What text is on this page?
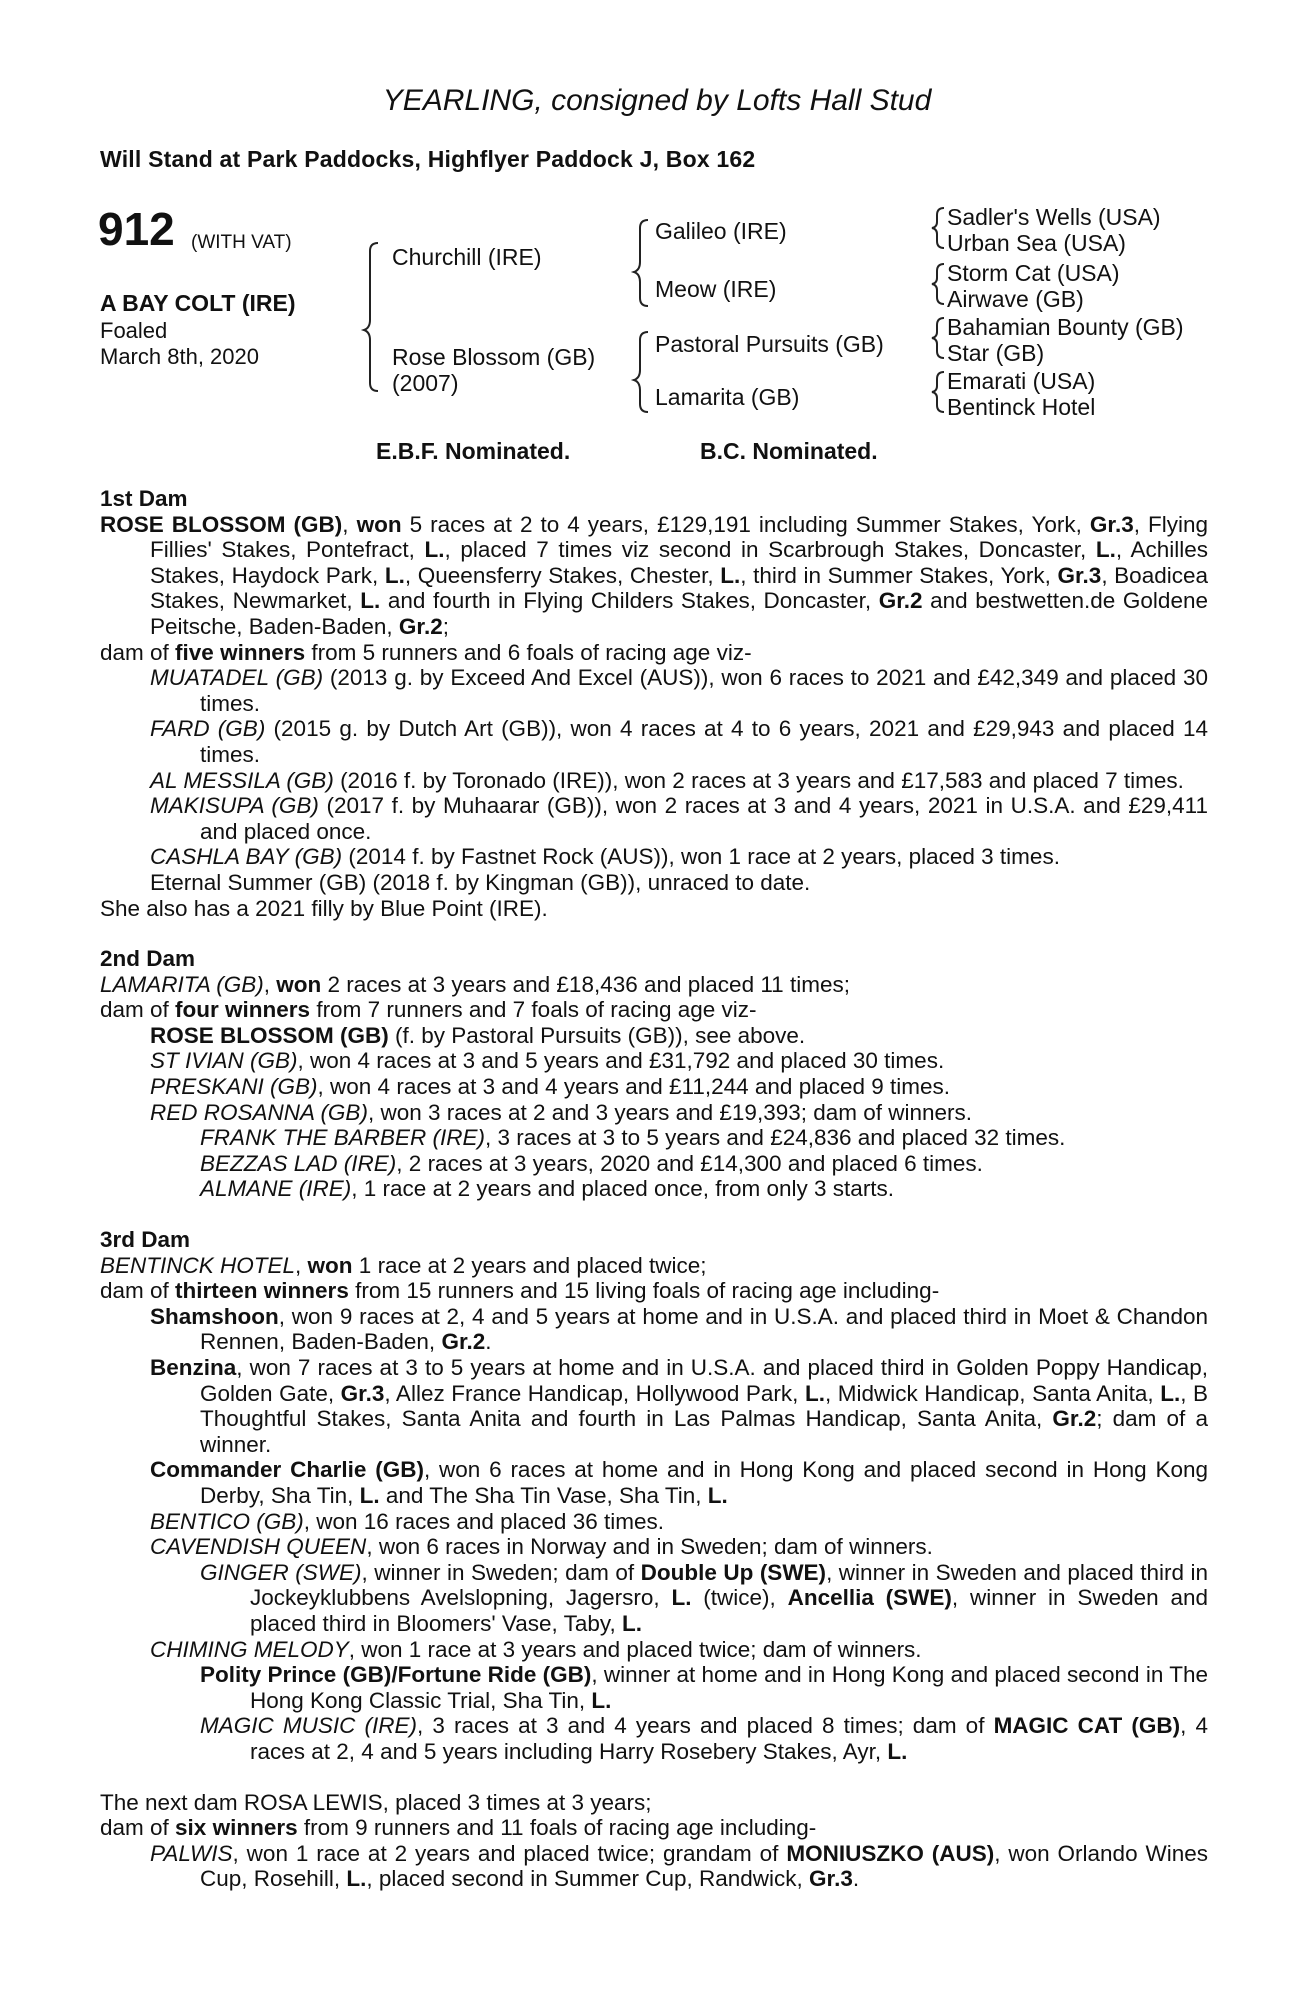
YEARLING, consigned by Lofts Hall Stud
Will Stand at Park Paddocks, Highflyer Paddock J, Box 162
912 (WITH VAT)
A BAY COLT (IRE)
Foaled
March 8th, 2020
Churchill (IRE)
Rose Blossom (GB)
(2007)
Galileo (IRE)
Meow (IRE)
Pastoral Pursuits (GB)
Lamarita (GB)
Sadler's Wells (USA)
Urban Sea (USA)
Storm Cat (USA)
Airwave (GB)
Bahamian Bounty (GB)
Star (GB)
Emarati (USA)
Bentinck Hotel
E.B.F. Nominated.	B.C. Nominated.

1st Dam

ROSE BLOSSOM (GB), won 5 races at 2 to 4 years, £129,191 including Summer Stakes, York, Gr.3, Flying Fillies' Stakes, Pontefract, L., placed 7 times viz second in Scarbrough Stakes, Doncaster, L., Achilles Stakes, Haydock Park, L., Queensferry Stakes, Chester, L., third in Summer Stakes, York, Gr.3, Boadicea Stakes, Newmarket, L. and fourth in Flying Childers Stakes, Doncaster, Gr.2 and bestwetten.de Goldene Peitsche, Baden-Baden, Gr.2;

dam of five winners from 5 runners and 6 foals of racing age viz-

MUATADEL (GB) (2013 g. by Exceed And Excel (AUS)), won 6 races to 2021 and £42,349 and placed 30 times.

FARD (GB) (2015 g. by Dutch Art (GB)), won 4 races at 4 to 6 years, 2021 and £29,943 and placed 14 times.

AL MESSILA (GB) (2016 f. by Toronado (IRE)), won 2 races at 3 years and £17,583 and placed 7 times.

MAKISUPA (GB) (2017 f. by Muhaarar (GB)), won 2 races at 3 and 4 years, 2021 in U.S.A. and £29,411 and placed once.

CASHLA BAY (GB) (2014 f. by Fastnet Rock (AUS)), won 1 race at 2 years, placed 3 times.

Eternal Summer (GB) (2018 f. by Kingman (GB)), unraced to date.

She also has a 2021 filly by Blue Point (IRE).

2nd Dam

LAMARITA (GB), won 2 races at 3 years and £18,436 and placed 11 times;

dam of four winners from 7 runners and 7 foals of racing age viz-

ROSE BLOSSOM (GB) (f. by Pastoral Pursuits (GB)), see above.

ST IVIAN (GB), won 4 races at 3 and 5 years and £31,792 and placed 30 times.

PRESKANI (GB), won 4 races at 3 and 4 years and £11,244 and placed 9 times.

RED ROSANNA (GB), won 3 races at 2 and 3 years and £19,393; dam of winners.

FRANK THE BARBER (IRE), 3 races at 3 to 5 years and £24,836 and placed 32 times.

BEZZAS LAD (IRE), 2 races at 3 years, 2020 and £14,300 and placed 6 times.

ALMANE (IRE), 1 race at 2 years and placed once, from only 3 starts.

3rd Dam

BENTINCK HOTEL, won 1 race at 2 years and placed twice;

dam of thirteen winners from 15 runners and 15 living foals of racing age including-

Shamshoon, won 9 races at 2, 4 and 5 years at home and in U.S.A. and placed third in Moet & Chandon Rennen, Baden-Baden, Gr.2.

Benzina, won 7 races at 3 to 5 years at home and in U.S.A. and placed third in Golden Poppy Handicap, Golden Gate, Gr.3, Allez France Handicap, Hollywood Park, L., Midwick Handicap, Santa Anita, L., B Thoughtful Stakes, Santa Anita and fourth in Las Palmas Handicap, Santa Anita, Gr.2; dam of a winner.

Commander Charlie (GB), won 6 races at home and in Hong Kong and placed second in Hong Kong Derby, Sha Tin, L. and The Sha Tin Vase, Sha Tin, L.

BENTICO (GB), won 16 races and placed 36 times.

CAVENDISH QUEEN, won 6 races in Norway and in Sweden; dam of winners.

GINGER (SWE), winner in Sweden; dam of Double Up (SWE), winner in Sweden and placed third in Jockeyklubbens Avelslopning, Jagersro, L. (twice), Ancellia (SWE), winner in Sweden and placed third in Bloomers' Vase, Taby, L.

CHIMING MELODY, won 1 race at 3 years and placed twice; dam of winners.

Polity Prince (GB)/Fortune Ride (GB), winner at home and in Hong Kong and placed second in The Hong Kong Classic Trial, Sha Tin, L.

MAGIC MUSIC (IRE), 3 races at 3 and 4 years and placed 8 times; dam of MAGIC CAT (GB), 4 races at 2, 4 and 5 years including Harry Rosebery Stakes, Ayr, L.

The next dam ROSA LEWIS, placed 3 times at 3 years;

dam of six winners from 9 runners and 11 foals of racing age including-

PALWIS, won 1 race at 2 years and placed twice; grandam of MONIUSZKO (AUS), won Orlando Wines Cup, Rosehill, L., placed second in Summer Cup, Randwick, Gr.3.
